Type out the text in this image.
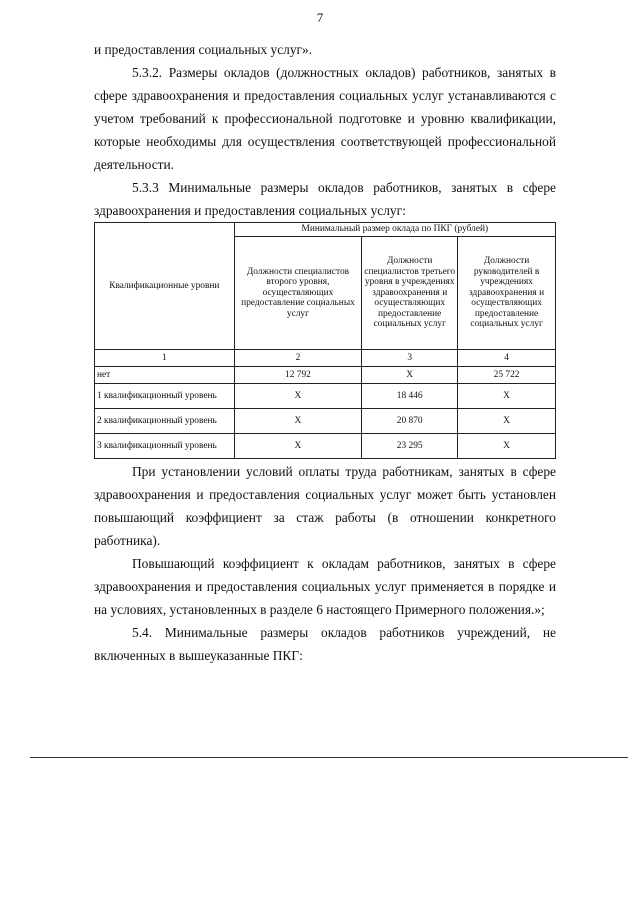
7

и предоставления социальных услуг».

5.3.2. Размеры окладов (должностных окладов) работников, занятых в сфере здравоохранения и предоставления социальных услуг устанавливаются с учетом требований к профессиональной подготовке и уровню квалификации, которые необходимы для осуществления соответствующей профессиональной деятельности.

5.3.3 Минимальные размеры окладов работников, занятых в сфере здравоохранения и предоставления социальных услуг:

Квалификационные уровни	Минимальный размер оклада по ПКГ (рублей)		
	Должности специалистов второго уровня, осуществляющих предоставление социальных услуг	Должности специалистов третьего уровня в учреждениях здравоохранения и осуществляющих предоставление социальных услуг	Должности руководителей в учреждениях здравоохранения и осуществляющих предоставление социальных услуг
1	2	3	4
нет	12 792	Х	25 722
1 квалификационный уровень	Х	18 446	Х
2 квалификационный уровень	Х	20 870	Х
3 квалификационный уровень	Х	23 295	Х

При установлении условий оплаты труда работникам, занятых в сфере здравоохранения и предоставления социальных услуг может быть установлен повышающий коэффициент за стаж работы (в отношении конкретного работника).

Повышающий коэффициент к окладам работников, занятых в сфере здравоохранения и предоставления социальных услуг применяется в порядке и на условиях, установленных в разделе 6 настоящего Примерного положения.»;

5.4. Минимальные размеры окладов работников учреждений, не включенных в вышеуказанные ПКГ:
